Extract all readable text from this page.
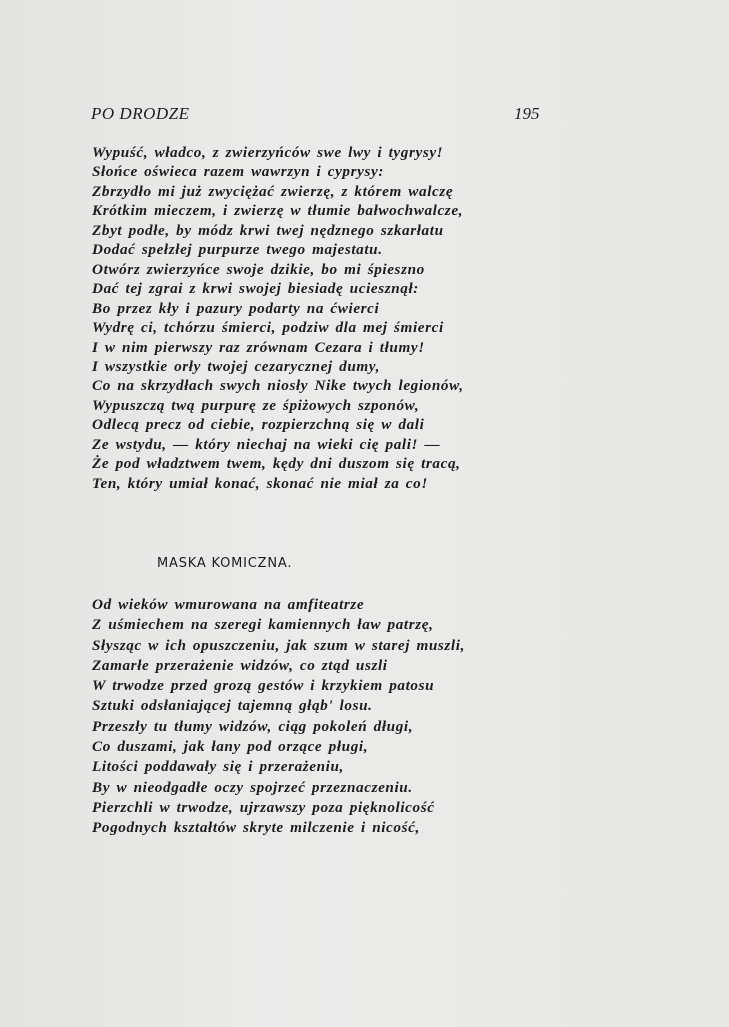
PO DRODZE	195
Wypuść, władco, z zwierzyńców swe lwy i tygrysy!
Słońce oświeca razem wawrzyn i cyprysy:
Zbrzydło mi już zwyciężać zwierzę, z którem walczę
Krótkim mieczem, i zwierzę w tłumie bałwochwalcze,
Zbyt podłe, by módz krwi twej nędznego szkarłatu
Dodać spełzłej purpurze twego majestatu.
Otwórz zwierzyńce swoje dzikie, bo mi śpieszno
Dać tej zgrai z krwi swojej biesiadę uciesznął:
Bo przez kły i pazury podarty na ćwierci
Wydrę ci, tchórzu śmierci, podziw dla mej śmierci
I w nim pierwszy raz zrównam Cezara i tłumy!
I wszystkie orły twojej cezarycznej dumy,
Co na skrzydłach swych niosły Nike twych legionów,
Wypuszczą twą purpurę ze śpiżowych szponów,
Odlecą precz od ciebie, rozpierzchną się w dali
Ze wstydu, — który niechaj na wieki cię pali! —
Że pod władztwem twem, kędy dni duszom się tracą,
Ten, który umiał konać, skonać nie miał za co!
MASKA KOMICZNA.
Od wieków wmurowana na amfiteatrze
Z uśmiechem na szeregi kamiennych ław patrzę,
Słysząc w ich opuszczeniu, jak szum w starej muszli,
Zamarłe przerażenie widzów, co ztąd uszli
W trwodze przed grozą gestów i krzykiem patosu
Sztuki odsłaniającej tajemną głąb' losu.
Przeszły tu tłumy widzów, ciąg pokoleń długi,
Co duszami, jak łany pod orzące pługi,
Litości poddawały się i przerażeniu,
By w nieodgadłe oczy spojrzeć przeznaczeniu.
Pierzchli w trwodze, ujrzawszy poza pięknolicość
Pogodnych kształtów skryte milczenie i nicość,
